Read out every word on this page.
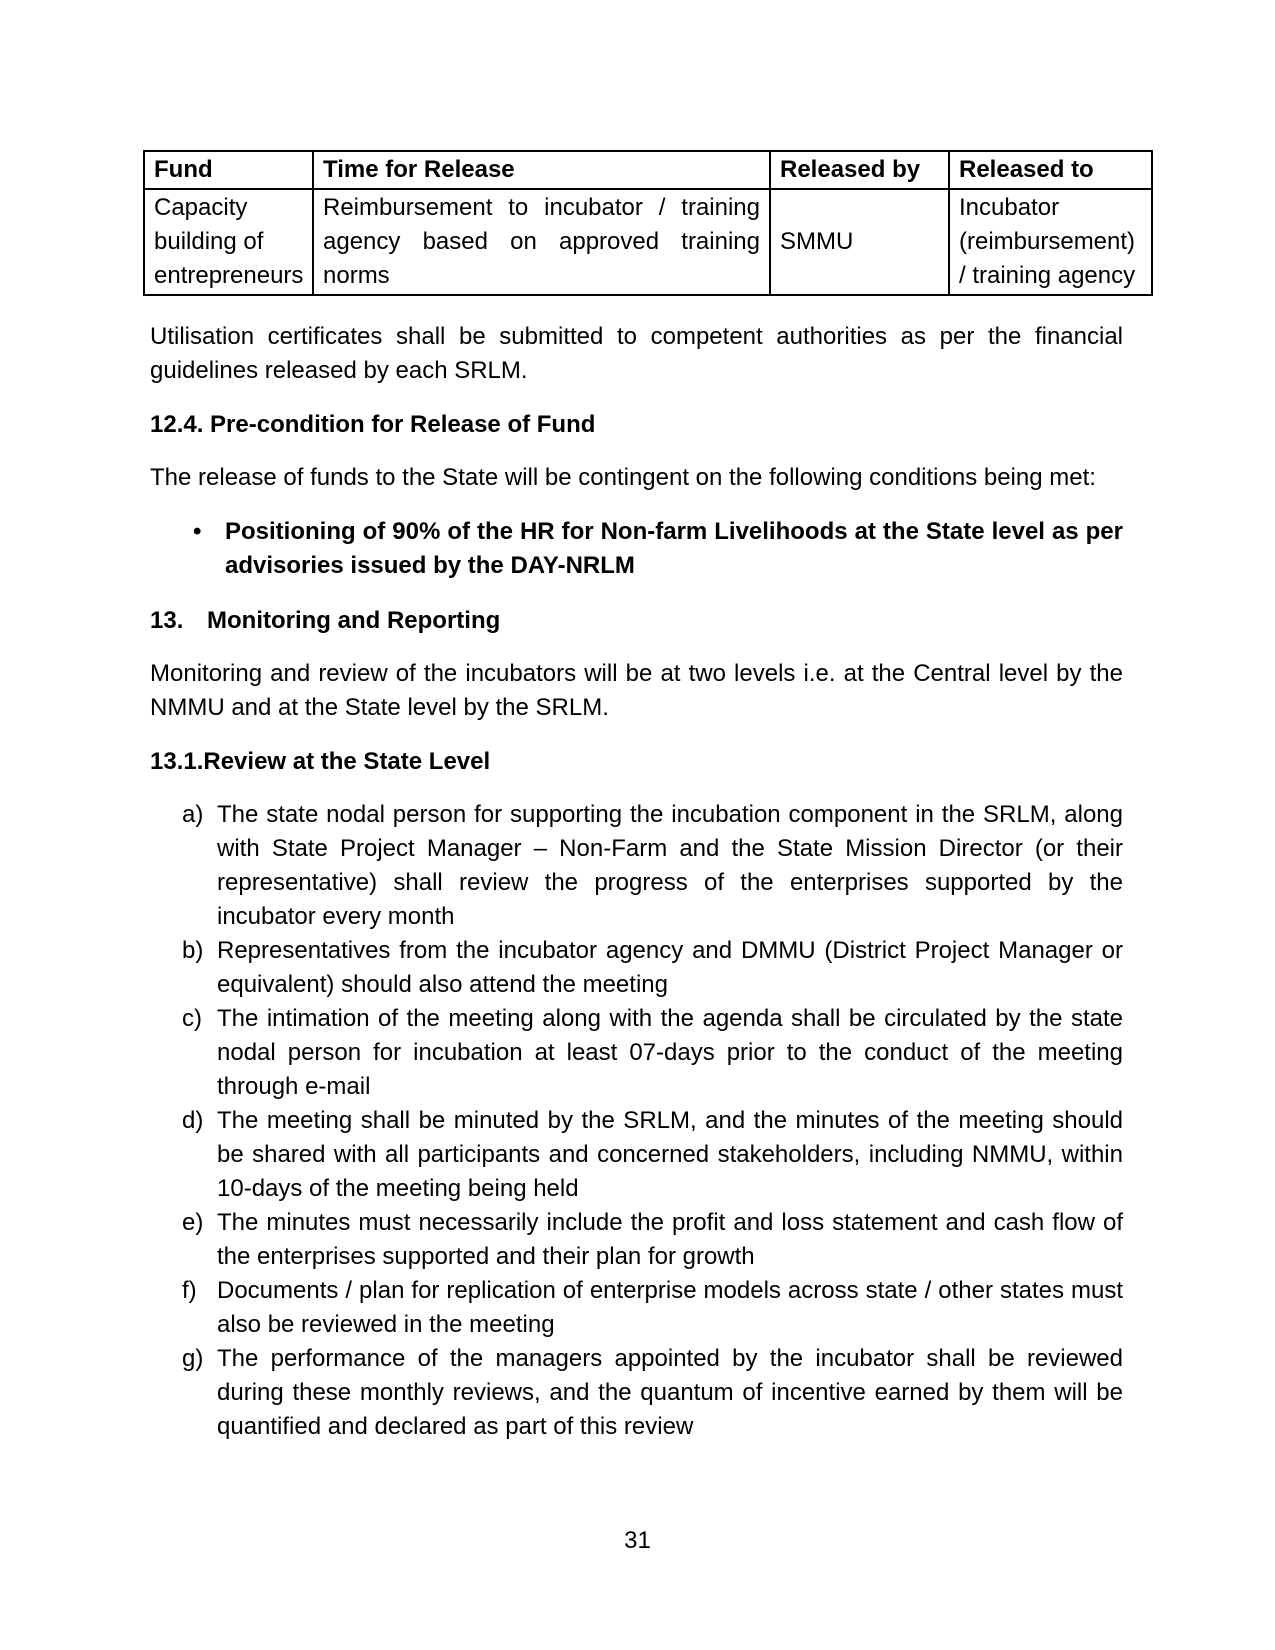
Fund	Time for Release	Released by	Released to
Capacity building of entrepreneurs	Reimbursement to incubator / training agency based on approved training norms	SMMU	Incubator (reimbursement) / training agency

Utilisation certificates shall be submitted to competent authorities as per the financial guidelines released by each SRLM.

12.4. Pre-condition for Release of Fund

The release of funds to the State will be contingent on the following conditions being met:

• Positioning of 90% of the HR for Non-farm Livelihoods at the State level as per advisories issued by the DAY-NRLM
13. Monitoring and Reporting

Monitoring and review of the incubators will be at two levels i.e. at the Central level by the NMMU and at the State level by the SRLM.

13.1.Review at the State Level
a) The state nodal person for supporting the incubation component in the SRLM, along with State Project Manager – Non-Farm and the State Mission Director (or their representative) shall review the progress of the enterprises supported by the incubator every month
b) Representatives from the incubator agency and DMMU (District Project Manager or equivalent) should also attend the meeting
c) The intimation of the meeting along with the agenda shall be circulated by the state nodal person for incubation at least 07-days prior to the conduct of the meeting through e-mail
d) The meeting shall be minuted by the SRLM, and the minutes of the meeting should be shared with all participants and concerned stakeholders, including NMMU, within 10-days of the meeting being held
e) The minutes must necessarily include the profit and loss statement and cash flow of the enterprises supported and their plan for growth
f) Documents / plan for replication of enterprise models across state / other states must also be reviewed in the meeting
g) The performance of the managers appointed by the incubator shall be reviewed during these monthly reviews, and the quantum of incentive earned by them will be quantified and declared as part of this review
31
